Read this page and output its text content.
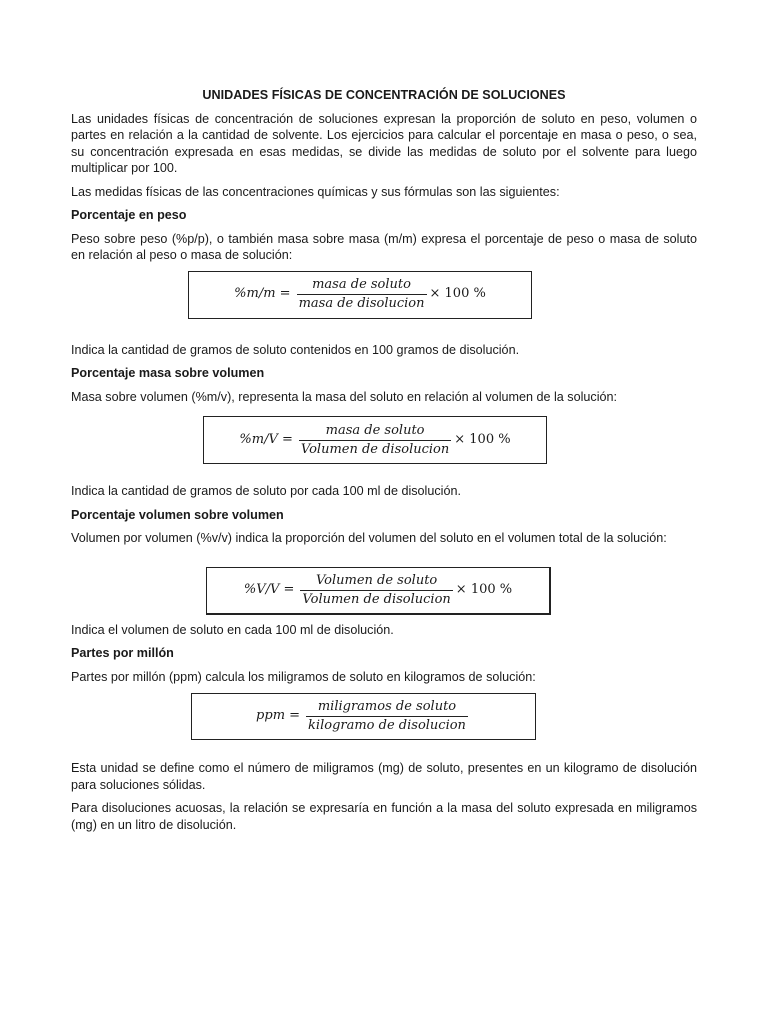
UNIDADES FÍSICAS DE CONCENTRACIÓN DE SOLUCIONES

Las unidades físicas de concentración de soluciones expresan la proporción de soluto en peso, volumen o partes en relación a la cantidad de solvente. Los ejercicios para calcular el porcentaje en masa o peso, o sea, su concentración expresada en esas medidas, se divide las medidas de soluto por el solvente para luego multiplicar por 100.

Las medidas físicas de las concentraciones químicas y sus fórmulas son las siguientes:

Porcentaje en peso

Peso sobre peso (%p/p), o también masa sobre masa (m/m) expresa el porcentaje de peso o masa de soluto en relación al peso o masa de solución:

$\%m/m = \frac{\text{masa de soluto}}{\text{masa de disolucion}} \times 100$ %

Indica la cantidad de gramos de soluto contenidos en 100 gramos de disolución.

Porcentaje masa sobre volumen

Masa sobre volumen (%m/v), representa la masa del soluto en relación al volumen de la solución:

$\%m/V = \frac{\text{masa de soluto}}{\text{Volumen de disolucion}} \times 100$ %

Indica la cantidad de gramos de soluto por cada 100 ml de disolución.

Porcentaje volumen sobre volumen

Volumen por volumen (%v/v) indica la proporción del volumen del soluto en el volumen total de la solución:

$\%V/V = \frac{\text{Volumen de soluto}}{\text{Volumen de disolucion}} \times 100$ %

Indica el volumen de soluto en cada 100 ml de disolución.

Partes por millón

Partes por millón (ppm) calcula los miligramos de soluto en kilogramos de solución:

ppm = $\frac{\text{miligramos de soluto}}{\text{kilogramo de disolucion}}$

Esta unidad se define como el número de miligramos (mg) de soluto, presentes en un kilogramo de disolución para soluciones sólidas.

Para disoluciones acuosas, la relación se expresaría en función a la masa del soluto expresada en miligramos (mg) en un litro de disolución.
